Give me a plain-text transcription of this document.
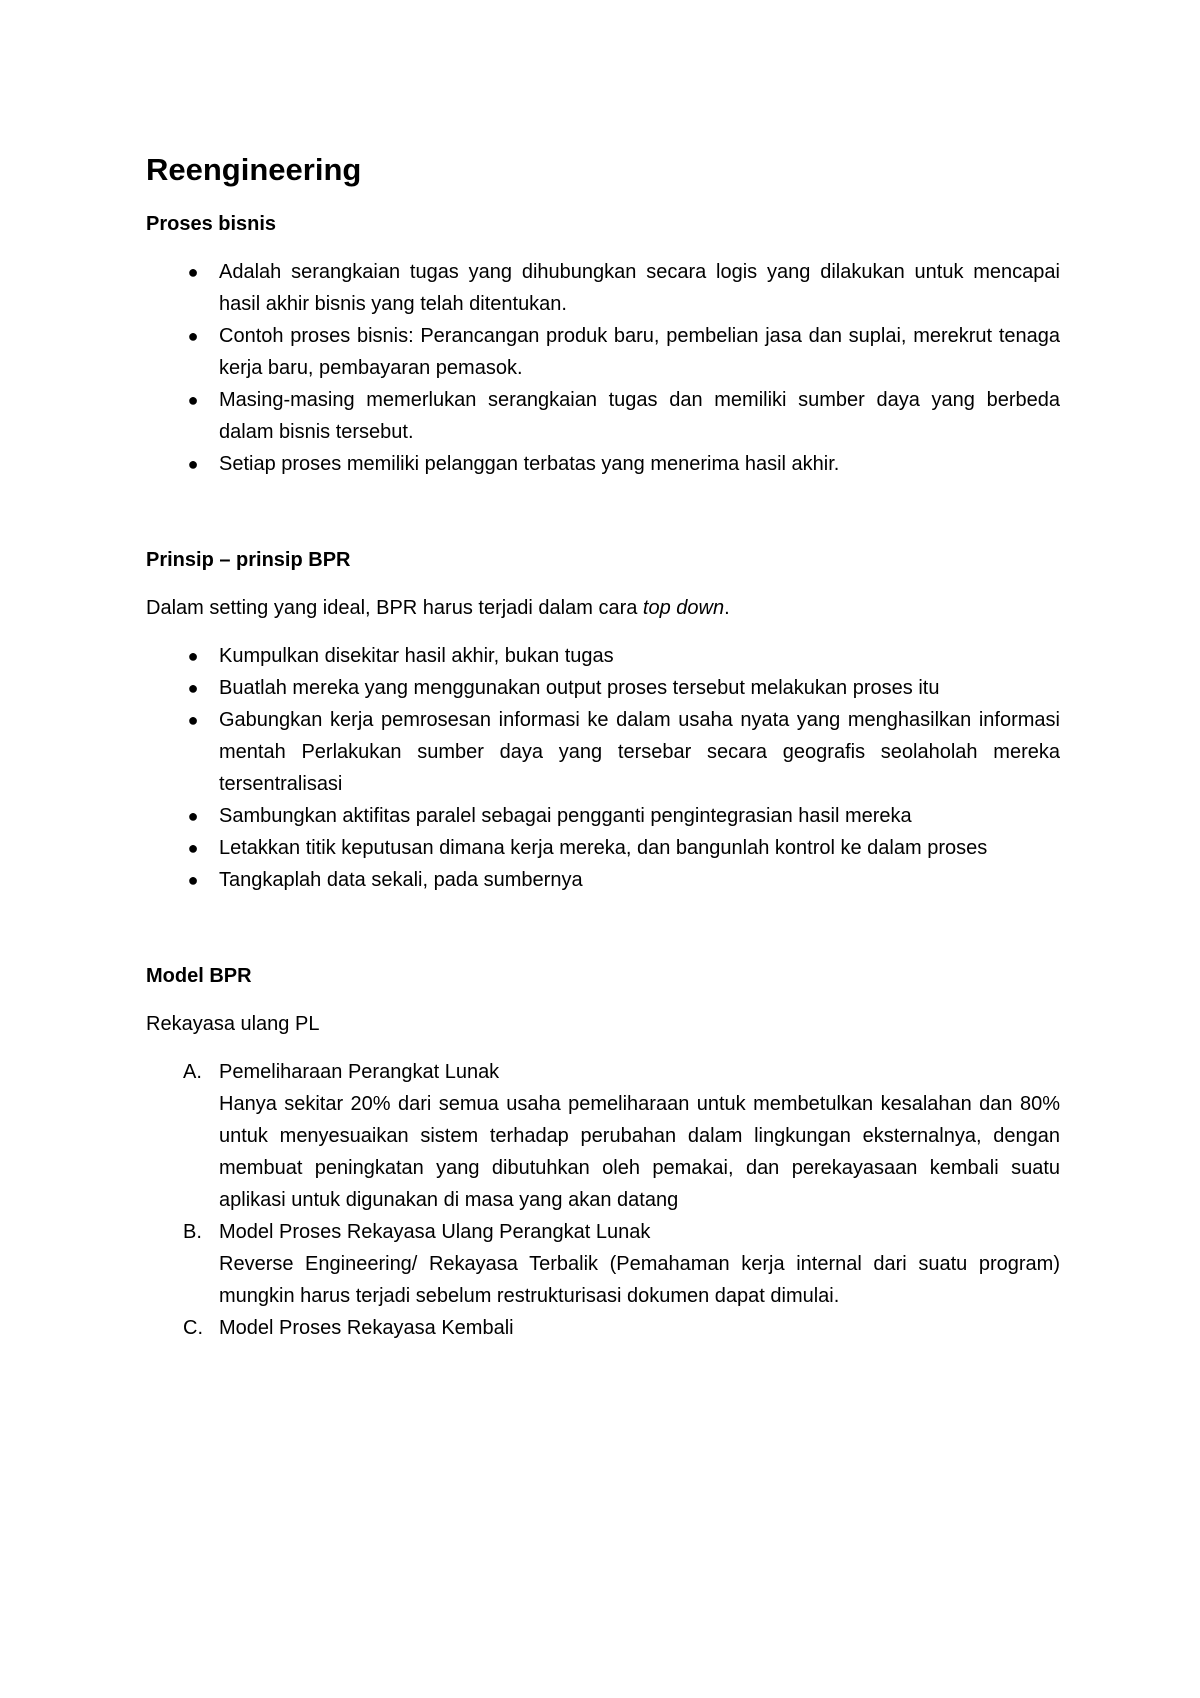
Reengineering
Proses bisnis
● Adalah serangkaian tugas yang dihubungkan secara logis yang dilakukan untuk mencapai hasil akhir bisnis yang telah ditentukan.
● Contoh proses bisnis: Perancangan produk baru, pembelian jasa dan suplai, merekrut tenaga kerja baru, pembayaran pemasok.
● Masing-masing memerlukan serangkaian tugas dan memiliki sumber daya yang berbeda dalam bisnis tersebut.
● Setiap proses memiliki pelanggan terbatas yang menerima hasil akhir.
Prinsip – prinsip BPR

Dalam setting yang ideal, BPR harus terjadi dalam cara top down.

● Kumpulkan disekitar hasil akhir, bukan tugas
● Buatlah mereka yang menggunakan output proses tersebut melakukan proses itu
● Gabungkan kerja pemrosesan informasi ke dalam usaha nyata yang menghasilkan informasi mentah Perlakukan sumber daya yang tersebar secara geografis seolaholah mereka tersentralisasi
● Sambungkan aktifitas paralel sebagai pengganti pengintegrasian hasil mereka
● Letakkan titik keputusan dimana kerja mereka, dan bangunlah kontrol ke dalam proses
● Tangkaplah data sekali, pada sumbernya
Model BPR

Rekayasa ulang PL

A. Pemeliharaan Perangkat Lunak
Hanya sekitar 20% dari semua usaha pemeliharaan untuk membetulkan kesalahan dan 80% untuk menyesuaikan sistem terhadap perubahan dalam lingkungan eksternalnya, dengan membuat peningkatan yang dibutuhkan oleh pemakai, dan perekayasaan kembali suatu aplikasi untuk digunakan di masa yang akan datang
B. Model Proses Rekayasa Ulang Perangkat Lunak
Reverse Engineering/ Rekayasa Terbalik (Pemahaman kerja internal dari suatu program) mungkin harus terjadi sebelum restrukturisasi dokumen dapat dimulai.
C. Model Proses Rekayasa Kembali
